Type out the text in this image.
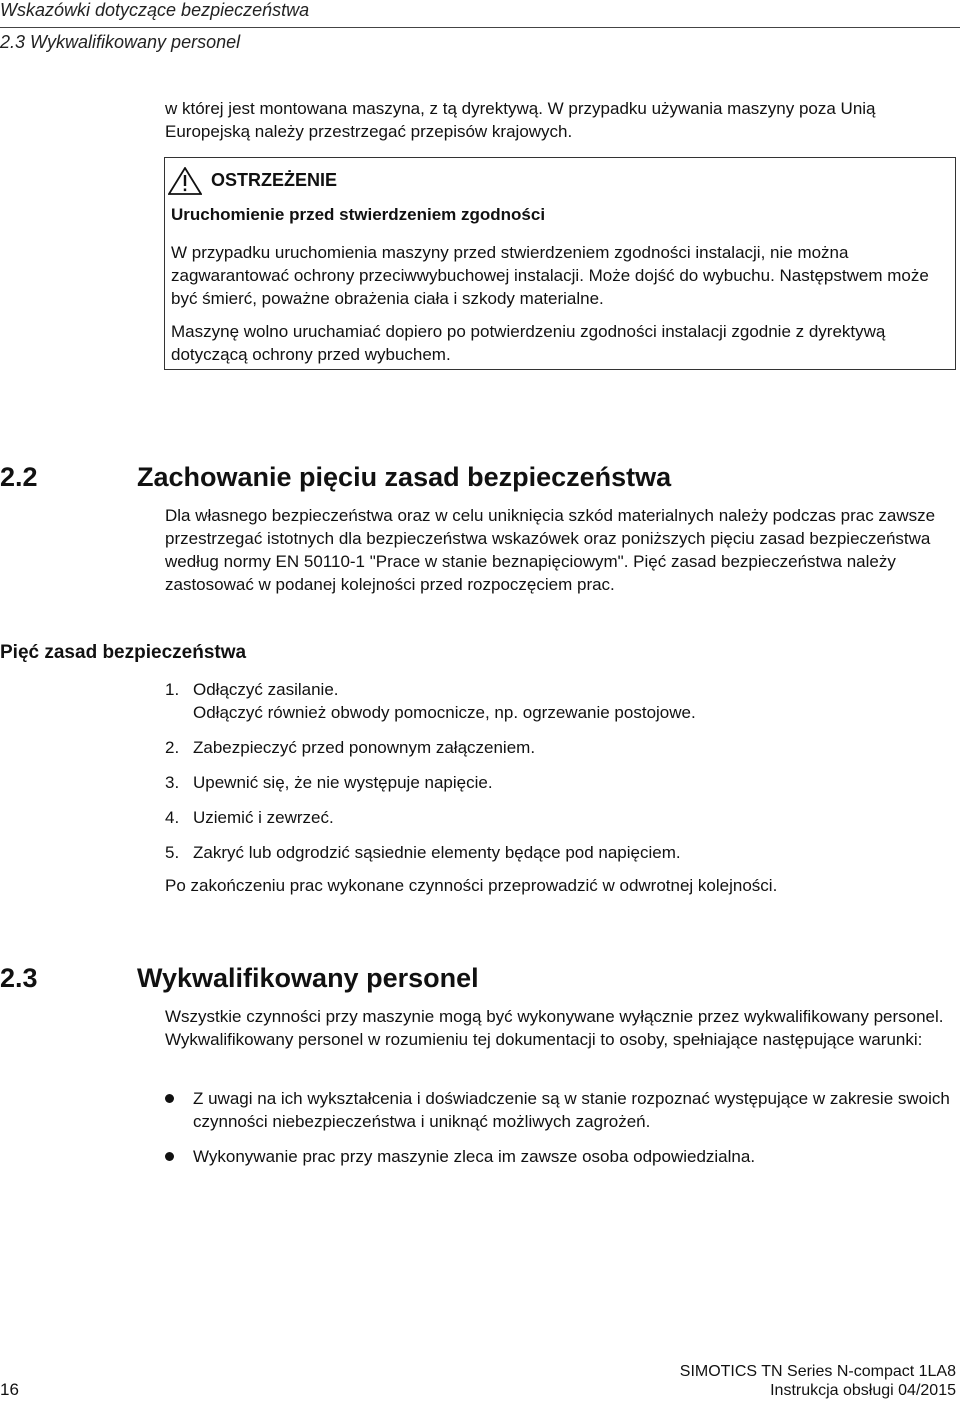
Wskazówki dotyczące bezpieczeństwa
2.3 Wykwalifikowany personel
w której jest montowana maszyna, z tą dyrektywą. W przypadku używania maszyny poza Unią Europejską należy przestrzegać przepisów krajowych.
OSTRZEŻENIE
Uruchomienie przed stwierdzeniem zgodności
W przypadku uruchomienia maszyny przed stwierdzeniem zgodności instalacji, nie można zagwarantować ochrony przeciwwybuchowej instalacji. Może dojść do wybuchu. Następstwem może być śmierć, poważne obrażenia ciała i szkody materialne.
Maszynę wolno uruchamiać dopiero po potwierdzeniu zgodności instalacji zgodnie z dyrektywą dotyczącą ochrony przed wybuchem.
2.2	Zachowanie pięciu zasad bezpieczeństwa
Dla własnego bezpieczeństwa oraz w celu uniknięcia szkód materialnych należy podczas prac zawsze przestrzegać istotnych dla bezpieczeństwa wskazówek oraz poniższych pięciu zasad bezpieczeństwa według normy EN 50110-1 "Prace w stanie beznapięciowym". Pięć zasad bezpieczeństwa należy zastosować w podanej kolejności przed rozpoczęciem prac.
Pięć zasad bezpieczeństwa
1. Odłączyć zasilanie.
Odłączyć również obwody pomocnicze, np. ogrzewanie postojowe.
2. Zabezpieczyć przed ponownym załączeniem.
3. Upewnić się, że nie występuje napięcie.
4. Uziemić i zewrzeć.
5. Zakryć lub odgrodzić sąsiednie elementy będące pod napięciem.
Po zakończeniu prac wykonane czynności przeprowadzić w odwrotnej kolejności.
2.3	Wykwalifikowany personel
Wszystkie czynności przy maszynie mogą być wykonywane wyłącznie przez wykwalifikowany personel. Wykwalifikowany personel w rozumieniu tej dokumentacji to osoby, spełniające następujące warunki:
Z uwagi na ich wykształcenia i doświadczenie są w stanie rozpoznać występujące w zakresie swoich czynności niebezpieczeństwa i uniknąć możliwych zagrożeń.
Wykonywanie prac przy maszynie zleca im zawsze osoba odpowiedzialna.
16
SIMOTICS TN Series N-compact 1LA8
Instrukcja obsługi 04/2015
